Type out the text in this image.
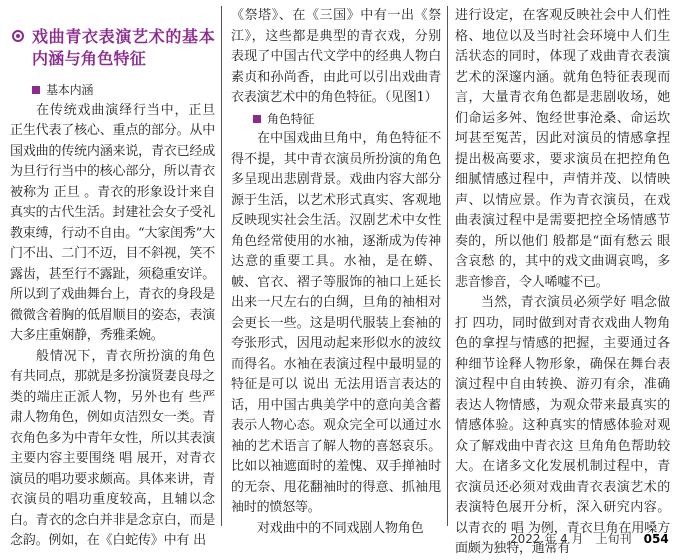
戏曲青衣表演艺术的基本内涵与角色特征

基本内涵

在传统戏曲演绎行当中，正旦正生代表了核心、重点的部分。从中国戏曲的传统内涵来说，青衣已经成为旦行行当中的核心部分，所以青衣被称为 正旦 。青衣的形象设计来自真实的古代生活。封建社会女子受礼教束缚，行动不自由。“大家闺秀”大门不出、二门不迈，目不斜视，笑不露齿，甚至行不露趾，须稳重安详。所以到了戏曲舞台上，青衣的身段是微微含着胸的低眉顺目的姿态，表演大多庄重娴静，秀雅柔婉。

般情况下，青衣所扮演的角色有共同点，那就是多扮演贤妻良母之类的端庄正派人物，另外也有 些严肃人物角色，例如贞洁烈女一类。青衣角色多为中青年女性，所以其表演主要内容主要围绕 唱 展开，对青衣演员的唱功要求颇高。具体来讲，青衣演员的唱功重度较高，且辅以念白。青衣的念白并非是念京白，而是念韵。例如，在《白蛇传》中有 出

《祭塔》、在《三国》中有一出《祭江》，这些都是典型的青衣戏，分别表现了中国古代文学中的经典人物白素贞和孙尚香，由此可以引出戏曲青衣表演艺术中的角色特征。（见图1）

角色特征

在中国戏曲旦角中，角色特征不得不提，其中青衣演员所扮演的角色多呈现出悲剧背景。戏曲内容大部分源于生活，以艺术形式真实、客观地反映现实社会生活。汉剧艺术中女性角色经常使用的水袖，逐渐成为传神达意的重要工具。水袖，是在蟒、帔、官衣、褶子等服饰的袖口上延长出来一尺左右的白绸，旦角的袖相对会更长一些。这是明代服装上套袖的夸张形式，因甩动起来形似水的波纹而得名。水袖在表演过程中最明显的特征是可以 说出 无法用语言表达的话，用中国古典美学中的意向美含蓄表示人物心态。观众完全可以通过水袖的艺术语言了解人物的喜怒哀乐。比如以袖遮面时的羞愧、双手掸袖时的无奈、甩花翻袖时的得意、抓袖甩袖时的愤怒等。

对戏曲中的不同戏剧人物角色

进行设定，在客观反映社会中人们性格、地位以及当时社会环境中人们生活状态的同时，体现了戏曲青衣表演艺术的深邃内涵。就角色特征表现而言，大量青衣角色都是悲剧收场，她们命运多舛、饱经世事沧桑、命运坎坷甚至冤苦，因此对演员的情感拿捏提出极高要求，要求演员在把控角色细腻情感过程中，声情并茂、以情映声、以情应景。作为青衣演员，在戏曲表演过程中是需要把控全场情感节奏的，所以他们 般都是“面有愁云 眼含哀愁 的，其中的戏文曲调哀鸣，多悲音惨音，令人唏嘘不已。

当然，青衣演员必须学好 唱念做打 四功，同时做到对青衣戏曲人物角色的拿捏与情感的把握，主要通过各种细节诠释人物形象，确保在舞台表演过程中自由转换、游刃有余，准确表达人物情感，为观众带来最真实的情感体验。这种真实的情感体验对观众了解戏曲中青衣这 旦角角色帮助较大。在诸多文化发展机制过程中，青衣演员还必须对戏曲青衣表演艺术的表演特色展开分析，深入研究内容。以青衣的 唱 为例，青衣旦角在用嗓方面颇为独特，通常有

2022 年 4 月 上旬刊 054
